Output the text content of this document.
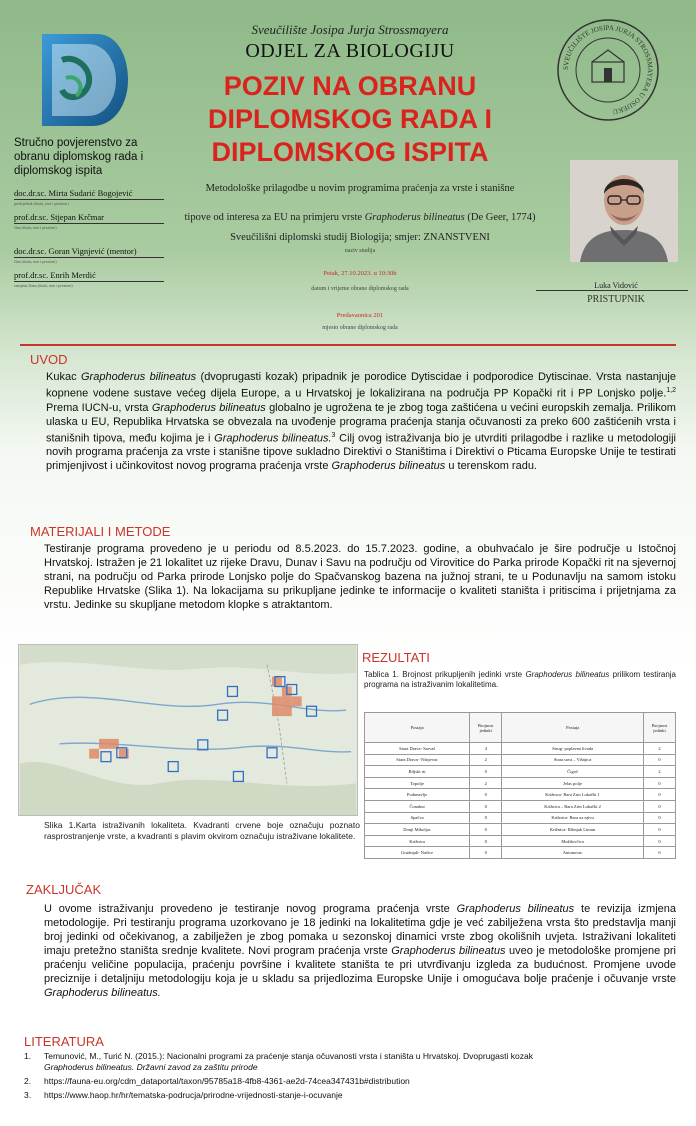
Sveučilište Josipa Jurja Strossmayera
ODJEL ZA BIOLOGIJU
POZIV NA OBRANU
DIPLOMSKOG RADA I
DIPLOMSKOG ISPITA
SVEUČILIŠTE JOSIPA JURJA STROSSMAYERA U OSIJEKU
Stručno povjerenstvo za obranu diplomskog rada i diplomskog ispita
doc.dr.sc. Mirta Sudarić Bogojević
predsjednik (titula, ime i prezime)
prof.dr.sc. Stjepan Krčmar
član (titula, ime i prezime)
doc.dr.sc. Goran Vignjević (mentor)
član (titula, ime i prezime)
prof.dr.sc. Enrih Merdić
zamjena člana (titula, ime i prezime)
Metodološke prilagodbe u novim programima praćenja za vrste i stanišne
tipove od interesa za EU na primjeru vrste Graphoderus bilineatus (De Geer, 1774)
Sveučilišni diplomski studij Biologija; smjer: ZNANSTVENI
naziv studija
Petak, 27.10.2023. u 10:30h
datum i vrijeme obrane diplomskog rada
Predavaonica 201
mjesto obrane diplomskog rada
Luka Vidović
PRISTUPNIK
UVOD
Kukac Graphoderus bilineatus (dvoprugasti kozak) pripadnik je porodice Dytiscidae i podporodice Dytiscinae. Vrsta nastanjuje kopnene vodene sustave većeg dijela Europe, a u Hrvatskoj je lokalizirana na područja PP Kopački rit i PP Lonjsko polje.$^{1,2}$ Prema IUCN-u, vrsta Graphoderus bilineatus globalno je ugrožena te je zbog toga zaštićena u većini europskih zemalja. Prilikom ulaska u EU, Republika Hrvatska se obvezala na uvođenje programa praćenja stanja očuvanosti za preko 600 zaštićenih vrsta i stanišnih tipova, među kojima je i Graphoderus bilineatus.$^3$ Cilj ovog istraživanja bio je utvrditi prilagodbe i razlike u metodologiji novih programa praćenja za vrste i stanišne tipove sukladno Direktivi o Staništima i Direktivi o Pticama Europske Unije te testirati primjenjivost i učinkovitost novog programa praćenja vrste Graphoderus bilineatus u terenskom radu.
MATERIJALI I METODE
Testiranje programa provedeno je u periodu od 8.5.2023. do 15.7.2023. godine, a obuhvaćalo je šire područje u Istočnoj Hrvatskoj. Istražen je 21 lokalitet uz rijeke Dravu, Dunav i Savu na području od Virovitice do Parka prirode Kopački rit na sjevernoj strani, na području od Parka prirode Lonjsko polje do Spačvanskog bazena na južnoj strani, te u Podunavlju na samom istoku Republike Hrvatske (Slika 1). Na lokacijama su prikupljane jedinke te informacije o kvaliteti staništa i pritiscima i prijetnjama za vrstu. Jedinke su skupljane metodom klopke s atraktantom.
Slika 1.Karta istraživanih lokaliteta. Kvadranti crvene boje označuju poznato rasprostranjenje vrste, a kvadranti s plavim okvirom označuju istraživane lokalitete.
REZULTATI
Tablica 1. Brojnost prikupljenih jedinki vrste Graphoderus bilineatus prilikom testiranja programa na istraživanim lokalitetima.
Postaja	Brojnost jedinki	Postaja	Brojnost jedinki
Stara Drava- Sarvaš	4	Strug- poplavna livada	2
Stara Drava- Višnjevac	2	Stara sava – Višnjica	0
Biljski rit	0	Čigoč	2
Topolje	2	Jelas polje	0
Podunavlje	0	Križnica- Bara Zrin Lukački 1	0
Čonakut	0	Križnica – Bara Zrin Lukački 2	0
Spačva	0	Križnica- Bara uz njivu	0
Donji Miholjac	0	Križnica- Ribnjak Limun	0
Križnica	0	Mužilovčica	0
Grudnjak- Našice	0	Antunovac	6
ZAKLJUČAK
U ovome istraživanju provedeno je testiranje novog programa praćenja vrste Graphoderus bilineatus te revizija izmjena metodologije. Pri testiranju programa uzorkovano je 18 jedinki na lokalitetima gdje je već zabilježena vrsta što predstavlja manji broj jedinki od očekivanog, a zabilježen je zbog pomaka u sezonskoj dinamici vrste zbog okolišnih uvjeta. Istraživani lokaliteti imaju pretežno staništa srednje kvalitete. Novi program praćenja vrste Graphoderus bilineatus uveo je metodološke promjene pri praćenju veličine populacija, praćenju površine i kvalitete staništa te pri utvrđivanju izgleda za budućnost. Promjene uvode preciznije i detaljniju metodologiju koja je u skladu sa prijedlozima Europske Unije i omogućava bolje praćenje i očuvanje vrste Graphoderus bilineatus.
LITERATURA
1. Temunović, M., Turić N. (2015.): Nacionalni programi za praćenje stanja očuvanosti vrsta i staništa u Hrvatskoj. Dvoprugasti kozak
Graphoderus bilineatus. Državni zavod za zaštitu prirode
2. https://fauna-eu.org/cdm_dataportal/taxon/95785a18-4fb8-4361-ae2d-74cea347431b#distribution
3. https://www.haop.hr/hr/tematska-podrucja/prirodne-vrijednosti-stanje-i-ocuvanje
